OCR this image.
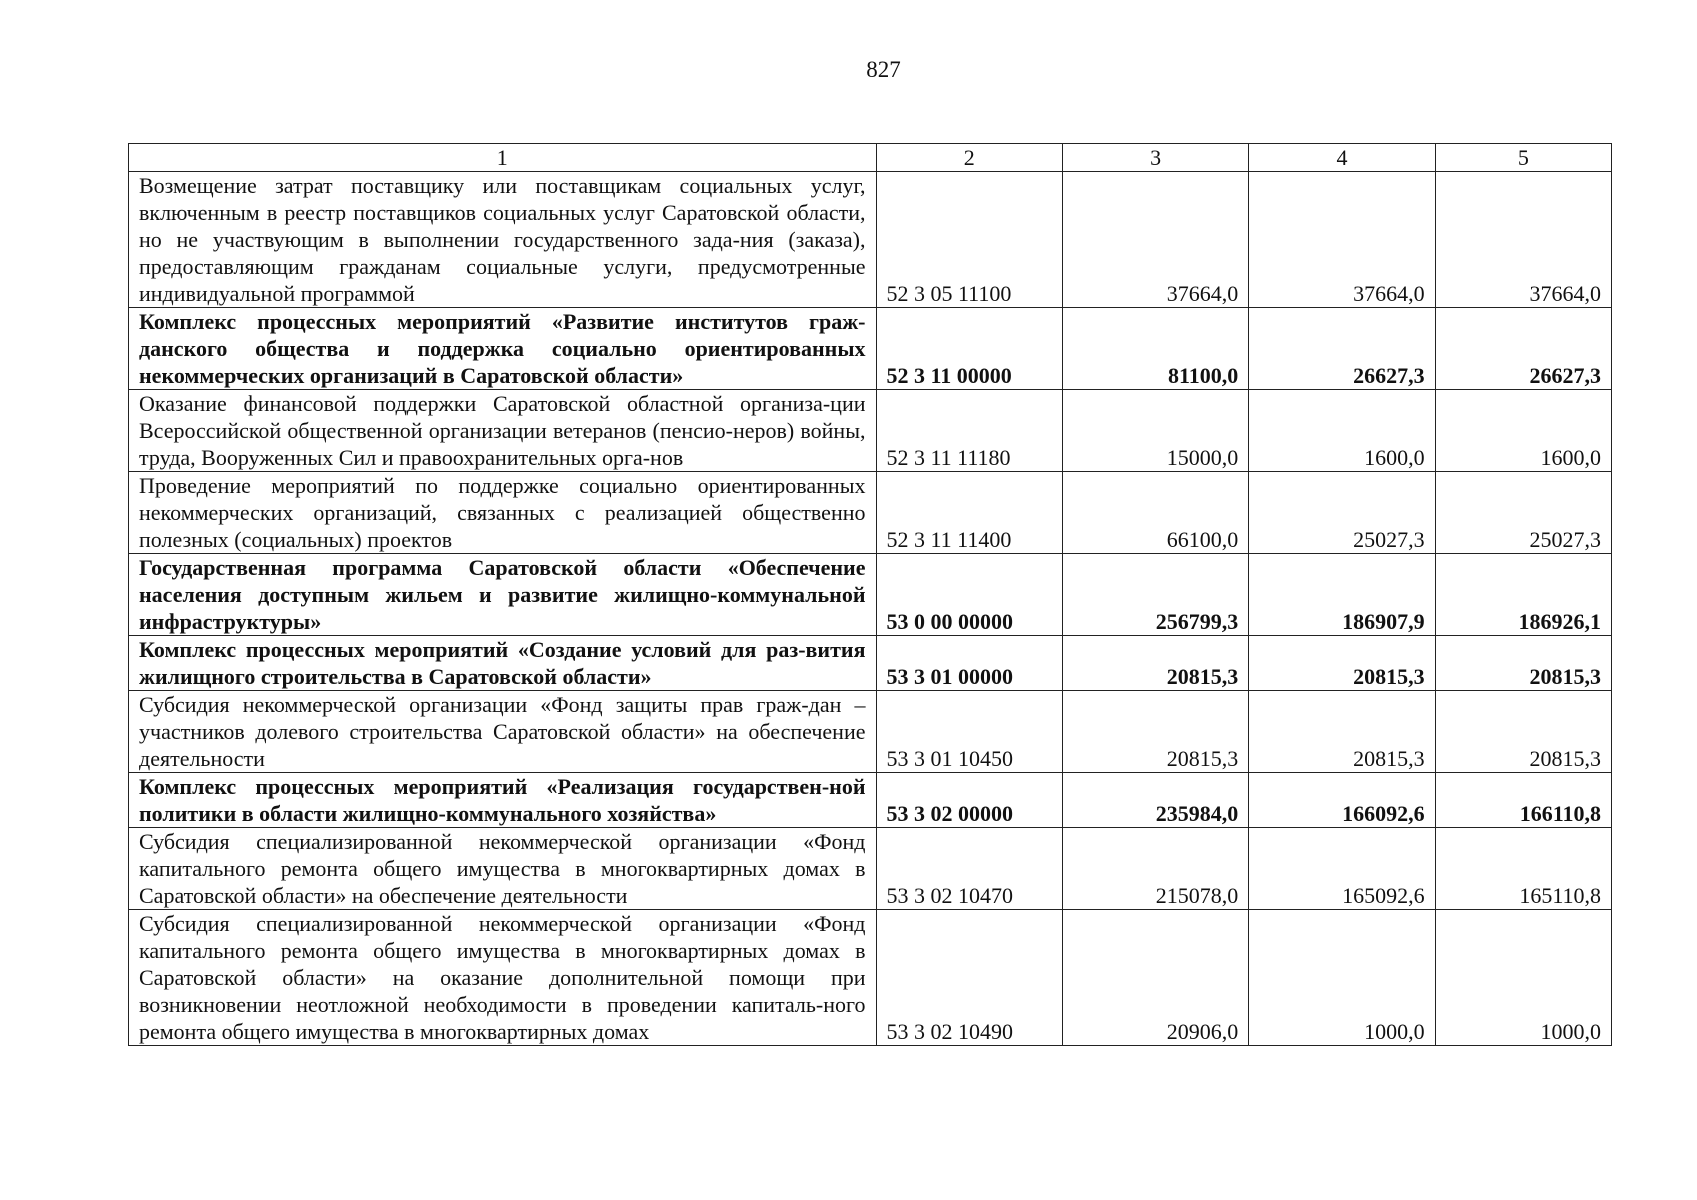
827
1	2	3	4	5
Возмещение затрат поставщику или поставщикам социальных услуг, включенным в реестр поставщиков социальных услуг Саратовской области, но не участвующим в выполнении государственного зада-ния (заказа), предоставляющим гражданам социальные услуги, предусмотренные индивидуальной программой	52 3 05 11100	37664,0	37664,0	37664,0
Комплекс процессных мероприятий «Развитие институтов граж-данского общества и поддержка социально ориентированных некоммерческих организаций в Саратовской области»	52 3 11 00000	81100,0	26627,3	26627,3
Оказание финансовой поддержки Саратовской областной организа-ции Всероссийской общественной организации ветеранов (пенсио-неров) войны, труда, Вооруженных Сил и правоохранительных орга-нов	52 3 11 11180	15000,0	1600,0	1600,0
Проведение мероприятий по поддержке социально ориентированных некоммерческих организаций, связанных с реализацией общественно полезных (социальных) проектов	52 3 11 11400	66100,0	25027,3	25027,3
Государственная программа Саратовской области «Обеспечение населения доступным жильем и развитие жилищно-коммунальной инфраструктуры»	53 0 00 00000	256799,3	186907,9	186926,1
Комплекс процессных мероприятий «Создание условий для раз-вития жилищного строительства в Саратовской области»	53 3 01 00000	20815,3	20815,3	20815,3
Субсидия некоммерческой организации «Фонд защиты прав граж-дан – участников долевого строительства Саратовской области» на обеспечение деятельности	53 3 01 10450	20815,3	20815,3	20815,3
Комплекс процессных мероприятий «Реализация государствен-ной политики в области жилищно-коммунального хозяйства»	53 3 02 00000	235984,0	166092,6	166110,8
Субсидия специализированной некоммерческой организации «Фонд капитального ремонта общего имущества в многоквартирных домах в Саратовской области» на обеспечение деятельности	53 3 02 10470	215078,0	165092,6	165110,8
Субсидия специализированной некоммерческой организации «Фонд капитального ремонта общего имущества в многоквартирных домах в Саратовской области» на оказание дополнительной помощи при возникновении неотложной необходимости в проведении капиталь-ного ремонта общего имущества в многоквартирных домах	53 3 02 10490	20906,0	1000,0	1000,0
